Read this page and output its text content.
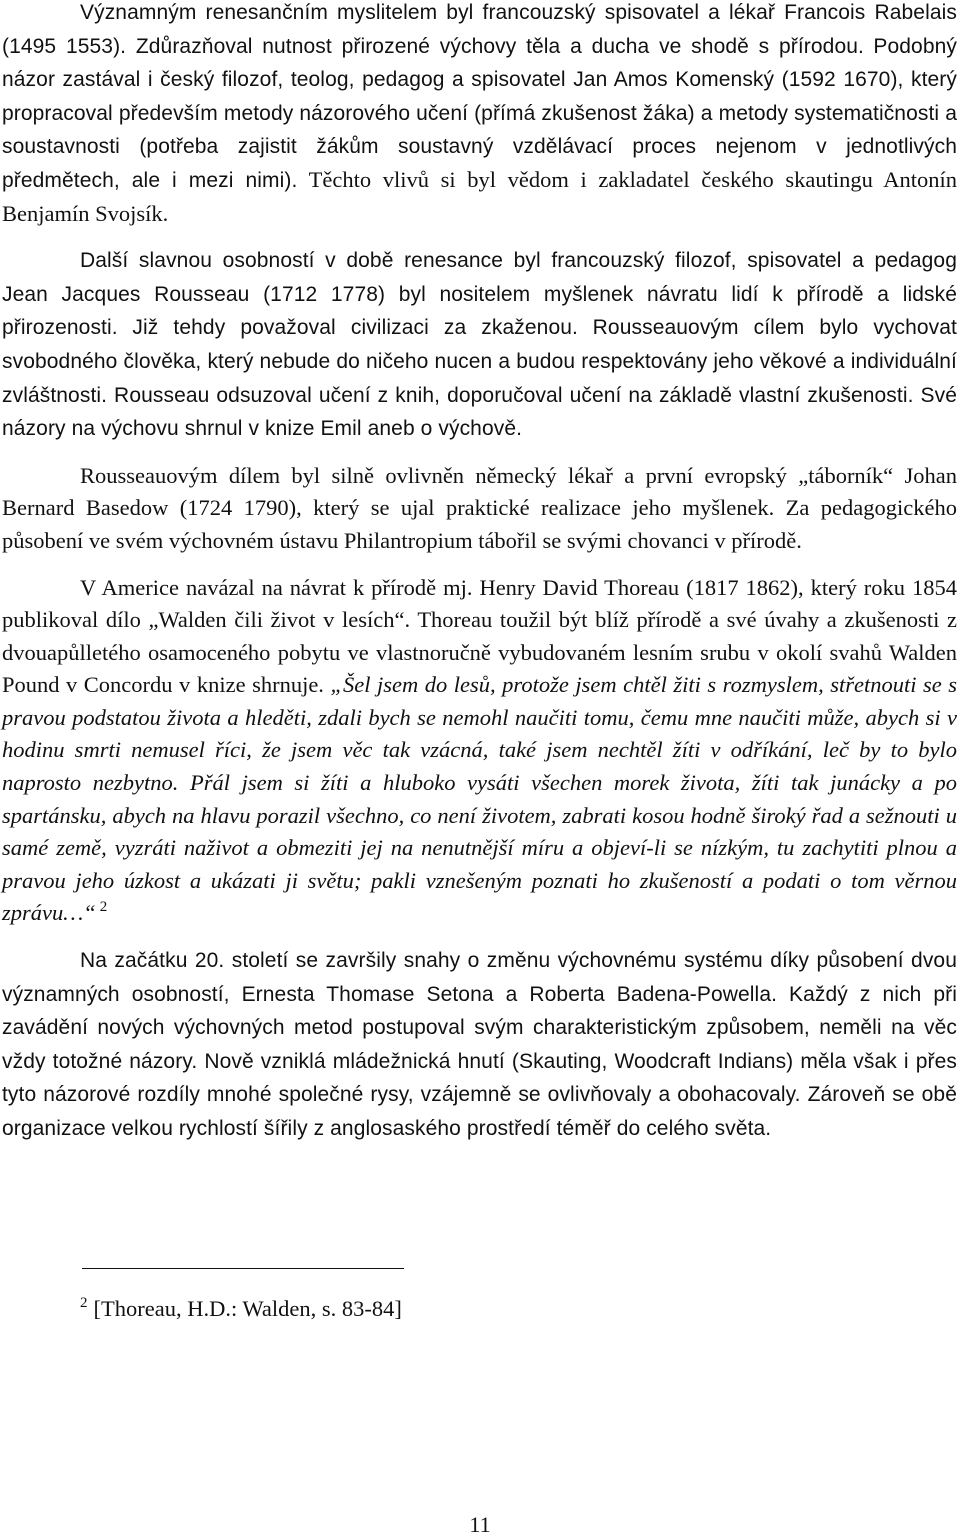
Významným renesančním myslitelem byl francouzský spisovatel a lékař Francois Rabelais (1495 1553). Zdůrazňoval nutnost přirozené výchovy těla a ducha ve shodě s přírodou. Podobný názor zastával i český filozof, teolog, pedagog a spisovatel Jan Amos Komenský (1592 1670), který propracoval především metody názorového učení (přímá zkušenost žáka) a metody systematičnosti a soustavnosti (potřeba zajistit žákům soustavný vzdělávací proces nejenom v jednotlivých předmětech, ale i mezi nimi). Těchto vlivů si byl vědom i zakladatel českého skautingu Antonín Benjamín Svojsík.

Další slavnou osobností v době renesance byl francouzský filozof, spisovatel a pedagog Jean Jacques Rousseau (1712 1778) byl nositelem myšlenek návratu lidí k přírodě a lidské přirozenosti. Již tehdy považoval civilizaci za zkaženou. Rousseauovým cílem bylo vychovat svobodného člověka, který nebude do ničeho nucen a budou respektovány jeho věkové a individuální zvláštnosti. Rousseau odsuzoval učení z knih, doporučoval učení na základě vlastní zkušenosti. Své názory na výchovu shrnul v knize Emil aneb o výchově.

Rousseauovým dílem byl silně ovlivněn německý lékař a první evropský „táborník“ Johan Bernard Basedow (1724 1790), který se ujal praktické realizace jeho myšlenek. Za pedagogického působení ve svém výchovném ústavu Philantropium tábořil se svými chovanci v přírodě.

V Americe navázal na návrat k přírodě mj. Henry David Thoreau (1817 1862), který roku 1854 publikoval dílo „Walden čili život v lesích“. Thoreau toužil být blíž přírodě a své úvahy a zkušenosti z dvouapůlletého osamoceného pobytu ve vlastnoručně vybudovaném lesním srubu v okolí svahů Walden Pound v Concordu v knize shrnuje. „Šel jsem do lesů, protože jsem chtěl žiti s rozmyslem, střetnouti se s pravou podstatou života a hleděti, zdali bych se nemohl naučiti tomu, čemu mne naučiti může, abych si v hodinu smrti nemusel říci, že jsem věc tak vzácná, také jsem nechtěl žíti v odříkání, leč by to bylo naprosto nezbytno. Přál jsem si žíti a hluboko vysáti všechen morek života, žíti tak junácky a po spartánsku, abych na hlavu porazil všechno, co není životem, zabrati kosou hodně široký řad a sežnouti u samé země, vyzráti naživot a obmeziti jej na nenutnější míru a objeví-li se nízkým, tu zachytiti plnou a pravou jeho úzkost a ukázati ji světu; pakli vznešeným poznati ho zkušeností a podati o tom věrnou zprávu…“ $^2$

Na začátku 20. století se završily snahy o změnu výchovnému systému díky působení dvou významných osobností, Ernesta Thomase Setona a Roberta Badena-Powella. Každý z nich při zavádění nových výchovných metod postupoval svým charakteristickým způsobem, neměli na věc vždy totožné názory. Nově vzniklá mládežnická hnutí (Skauting, Woodcraft Indians) měla však i přes tyto názorové rozdíly mnohé společné rysy, vzájemně se ovlivňovaly a obohacovaly. Zároveň se obě organizace velkou rychlostí šířily z anglosaského prostředí téměř do celého světa.

$^2$ [Thoreau, H.D.: Walden, s. 83-84]
11
